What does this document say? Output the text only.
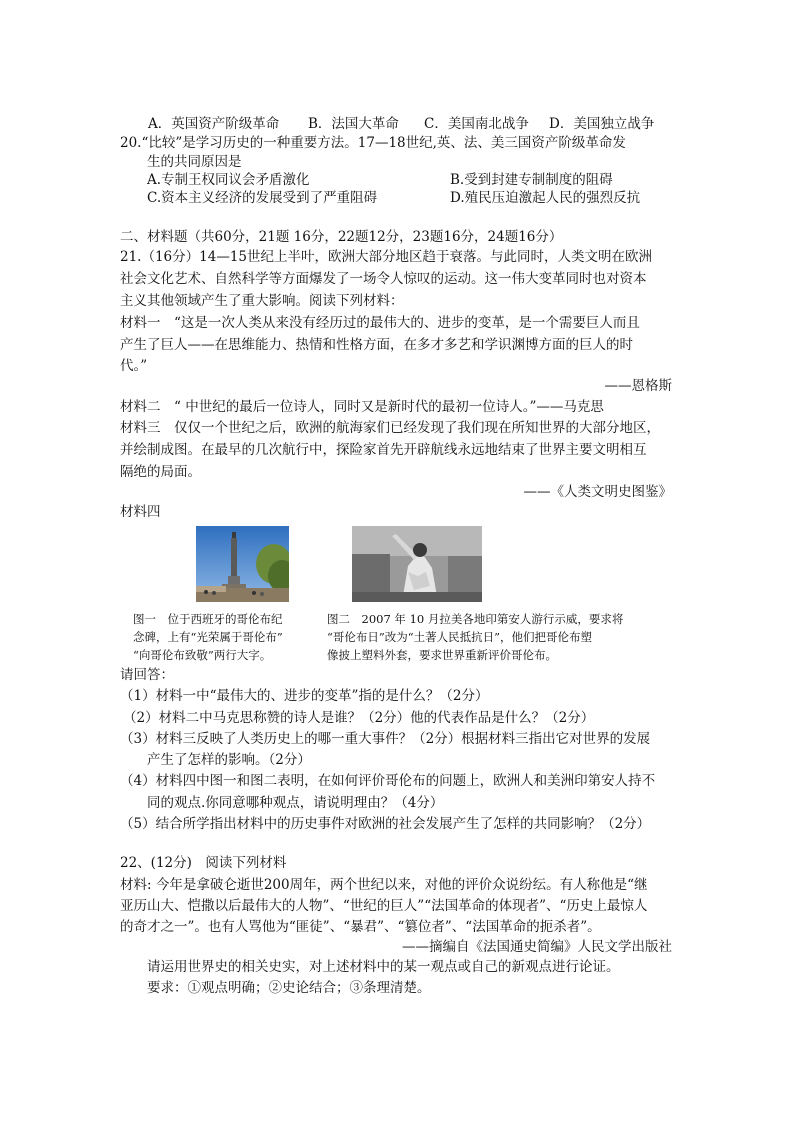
A．英国资产阶级革命 B．法国大革命 C．美国南北战争 D．美国独立战争
20.“比较”是学习历史的一种重要方法。17—18世纪,英、法、美三国资产阶级革命发
生的共同原因是
A.专制王权同议会矛盾激化	B.受到封建专制制度的阻碍
C.资本主义经济的发展受到了严重阻碍	D.殖民压迫激起人民的强烈反抗
二、材料题（共60分，21题 16分，22题12分，23题16分，24题16分）
21.（16分）14—15世纪上半叶，欧洲大部分地区趋于衰落。与此同时，人类文明在欧洲
社会文化艺术、自然科学等方面爆发了一场令人惊叹的运动。这一伟大变革同时也对资本
主义其他领域产生了重大影响。阅读下列材料：
材料一　“这是一次人类从来没有经历过的最伟大的、进步的变革，是一个需要巨人而且
产生了巨人——在思维能力、热情和性格方面，在多才多艺和学识渊博方面的巨人的时
代。”
——恩格斯
材料二　“ 中世纪的最后一位诗人，同时又是新时代的最初一位诗人。”——马克思
材料三　仅仅一个世纪之后，欧洲的航海家们已经发现了我们现在所知世界的大部分地区，
并绘制成图。在最早的几次航行中，探险家首先开辟航线永远地结束了世界主要文明相互
隔绝的局面。
——《人类文明史图鉴》
材料四
图一　位于西班牙的哥伦布纪
念碑，上有“光荣属于哥伦布”
“向哥伦布致敬”两行大字。
图二　2007 年 10 月拉美各地印第安人游行示威，要求将
“哥伦布日”改为“土著人民抵抗日”，他们把哥伦布塑
像披上塑料外套，要求世界重新评价哥伦布。
请回答：
（1）材料一中“最伟大的、进步的变革”指的是什么？（2分）
（2）材料二中马克思称赞的诗人是谁？（2分）他的代表作品是什么？（2分）
（3）材料三反映了人类历史上的哪一重大事件？（2分）根据材料三指出它对世界的发展
产生了怎样的影响。（2分）
（4）材料四中图一和图二表明，在如何评价哥伦布的问题上，欧洲人和美洲印第安人持不
同的观点.你同意哪种观点，请说明理由？（4分）
（5）结合所学指出材料中的历史事件对欧洲的社会发展产生了怎样的共同影响？（2分）
22、(12分)　阅读下列材料
材料: 今年是拿破仑逝世200周年，两个世纪以来，对他的评价众说纷纭。有人称他是“继
亚历山大、恺撒以后最伟大的人物”、“世纪的巨人”“法国革命的体现者”、“历史上最惊人
的奇才之一”。也有人骂他为“匪徒”、“暴君”、“篡位者”、“法国革命的扼杀者”。
——摘编自《法国通史简编》人民文学出版社
请运用世界史的相关史实，对上述材料中的某一观点或自己的新观点进行论证。
要求：①观点明确；②史论结合；③条理清楚。
